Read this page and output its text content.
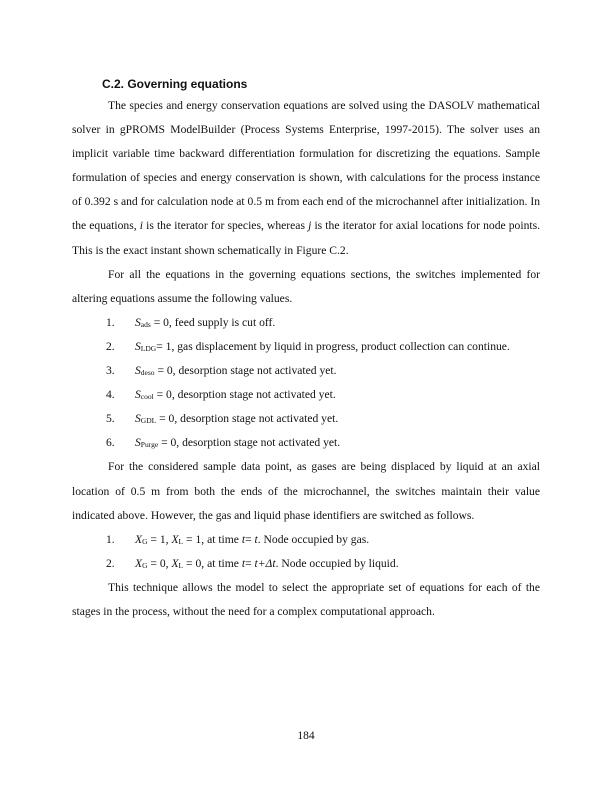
C.2. Governing equations

The species and energy conservation equations are solved using the DASOLV mathematical solver in gPROMS ModelBuilder (Process Systems Enterprise, 1997-2015). The solver uses an implicit variable time backward differentiation formulation for discretizing the equations. Sample formulation of species and energy conservation is shown, with calculations for the process instance of 0.392 s and for calculation node at 0.5 m from each end of the microchannel after initialization. In the equations, i is the iterator for species, whereas j is the iterator for axial locations for node points. This is the exact instant shown schematically in Figure C.2.

For all the equations in the governing equations sections, the switches implemented for altering equations assume the following values.

1. $S_{ads} = 0$, feed supply is cut off.
2. $S_{LDG}= 1$, gas displacement by liquid in progress, product collection can continue.
3. $S_{deso} = 0$, desorption stage not activated yet.
4. $S_{cool} = 0$, desorption stage not activated yet.
5. $S_{GDL} = 0$, desorption stage not activated yet.
6. $S_{Purge} = 0$, desorption stage not activated yet.

For the considered sample data point, as gases are being displaced by liquid at an axial location of 0.5 m from both the ends of the microchannel, the switches maintain their value indicated above. However, the gas and liquid phase identifiers are switched as follows.

1. $X_G = 1$, $X_L = 1$, at time t= t. Node occupied by gas.
2. $X_G = 0$, $X_L = 0$, at time t= t+Δt. Node occupied by liquid.

This technique allows the model to select the appropriate set of equations for each of the stages in the process, without the need for a complex computational approach.

184
